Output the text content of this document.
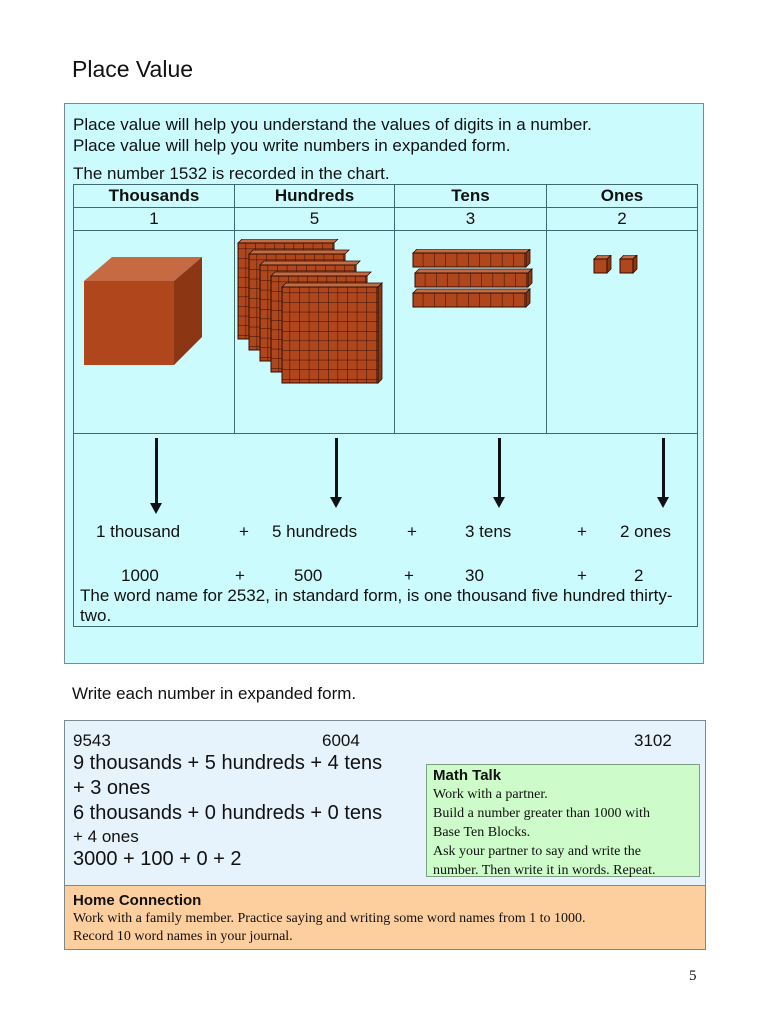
Place Value
Place value will help you understand the values of digits in a number.
Place value will help you write numbers in expanded form.
The number 1532 is recorded in the chart.
Thousands	Hundreds	Tens	Ones
1	5	3	2
1 thousand	+ 5 hundreds	+	3 tens	+ 2 ones
1000	+	500	+	30	+	2
The word name for 2532, in standard form, is one thousand five hundred thirty-two.
Write each number in expanded form.
9543	6004	3102
9 thousands + 5 hundreds + 4 tens
+ 3 ones
6 thousands + 0 hundreds + 0 tens
+ 4 ones
3000 + 100 + 0 + 2
Math Talk
Work with a partner.
Build a number greater than 1000 with
Base Ten Blocks.
Ask your partner to say and write the
number. Then write it in words. Repeat.
Home Connection
Work with a family member. Practice saying and writing some word names from 1 to 1000.
Record 10 word names in your journal.
5
